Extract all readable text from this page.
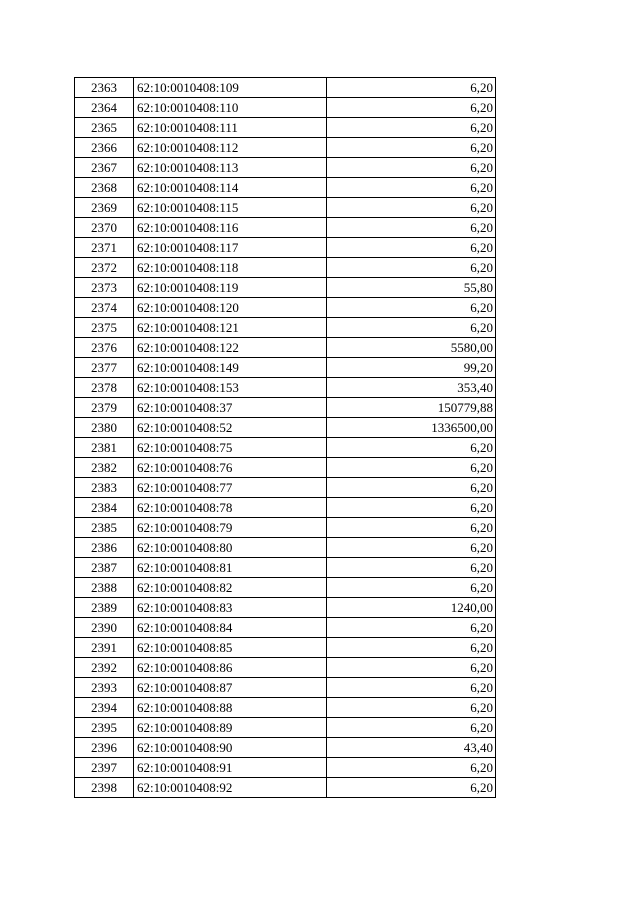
2363	62:10:0010408:109	6,20
2364	62:10:0010408:110	6,20
2365	62:10:0010408:111	6,20
2366	62:10:0010408:112	6,20
2367	62:10:0010408:113	6,20
2368	62:10:0010408:114	6,20
2369	62:10:0010408:115	6,20
2370	62:10:0010408:116	6,20
2371	62:10:0010408:117	6,20
2372	62:10:0010408:118	6,20
2373	62:10:0010408:119	55,80
2374	62:10:0010408:120	6,20
2375	62:10:0010408:121	6,20
2376	62:10:0010408:122	5580,00
2377	62:10:0010408:149	99,20
2378	62:10:0010408:153	353,40
2379	62:10:0010408:37	150779,88
2380	62:10:0010408:52	1336500,00
2381	62:10:0010408:75	6,20
2382	62:10:0010408:76	6,20
2383	62:10:0010408:77	6,20
2384	62:10:0010408:78	6,20
2385	62:10:0010408:79	6,20
2386	62:10:0010408:80	6,20
2387	62:10:0010408:81	6,20
2388	62:10:0010408:82	6,20
2389	62:10:0010408:83	1240,00
2390	62:10:0010408:84	6,20
2391	62:10:0010408:85	6,20
2392	62:10:0010408:86	6,20
2393	62:10:0010408:87	6,20
2394	62:10:0010408:88	6,20
2395	62:10:0010408:89	6,20
2396	62:10:0010408:90	43,40
2397	62:10:0010408:91	6,20
2398	62:10:0010408:92	6,20
